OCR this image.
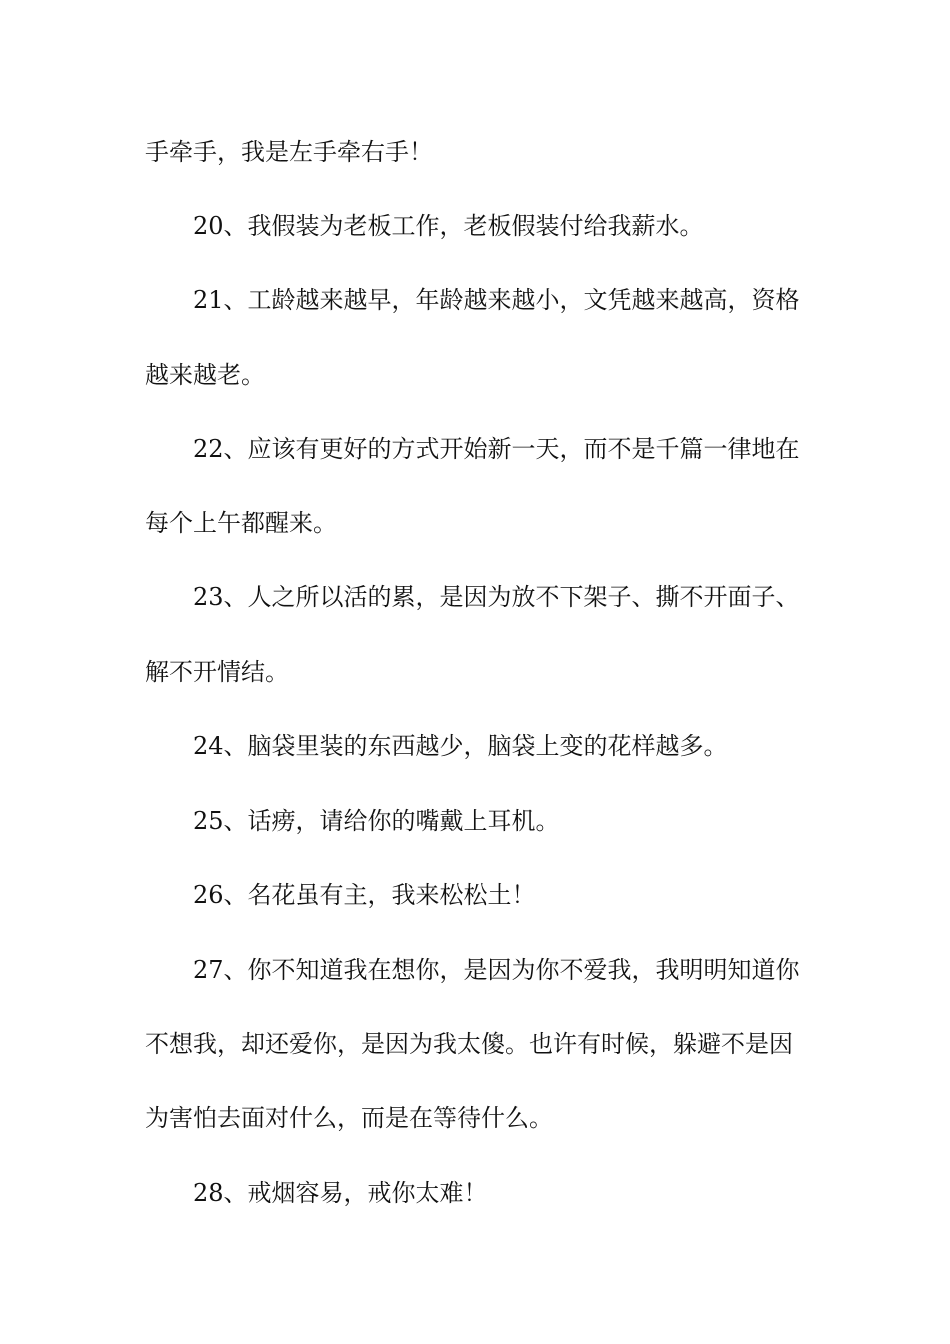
手牵手，我是左手牵右手！
20、我假装为老板工作，老板假装付给我薪水。
21、工龄越来越早，年龄越来越小，文凭越来越高，资格
越来越老。
22、应该有更好的方式开始新一天，而不是千篇一律地在
每个上午都醒来。
23、人之所以活的累，是因为放不下架子、撕不开面子、
解不开情结。
24、脑袋里装的东西越少，脑袋上变的花样越多。
25、话痨，请给你的嘴戴上耳机。
26、名花虽有主，我来松松土！
27、你不知道我在想你，是因为你不爱我，我明明知道你
不想我，却还爱你，是因为我太傻。也许有时候，躲避不是因
为害怕去面对什么，而是在等待什么。
28、戒烟容易，戒你太难！
